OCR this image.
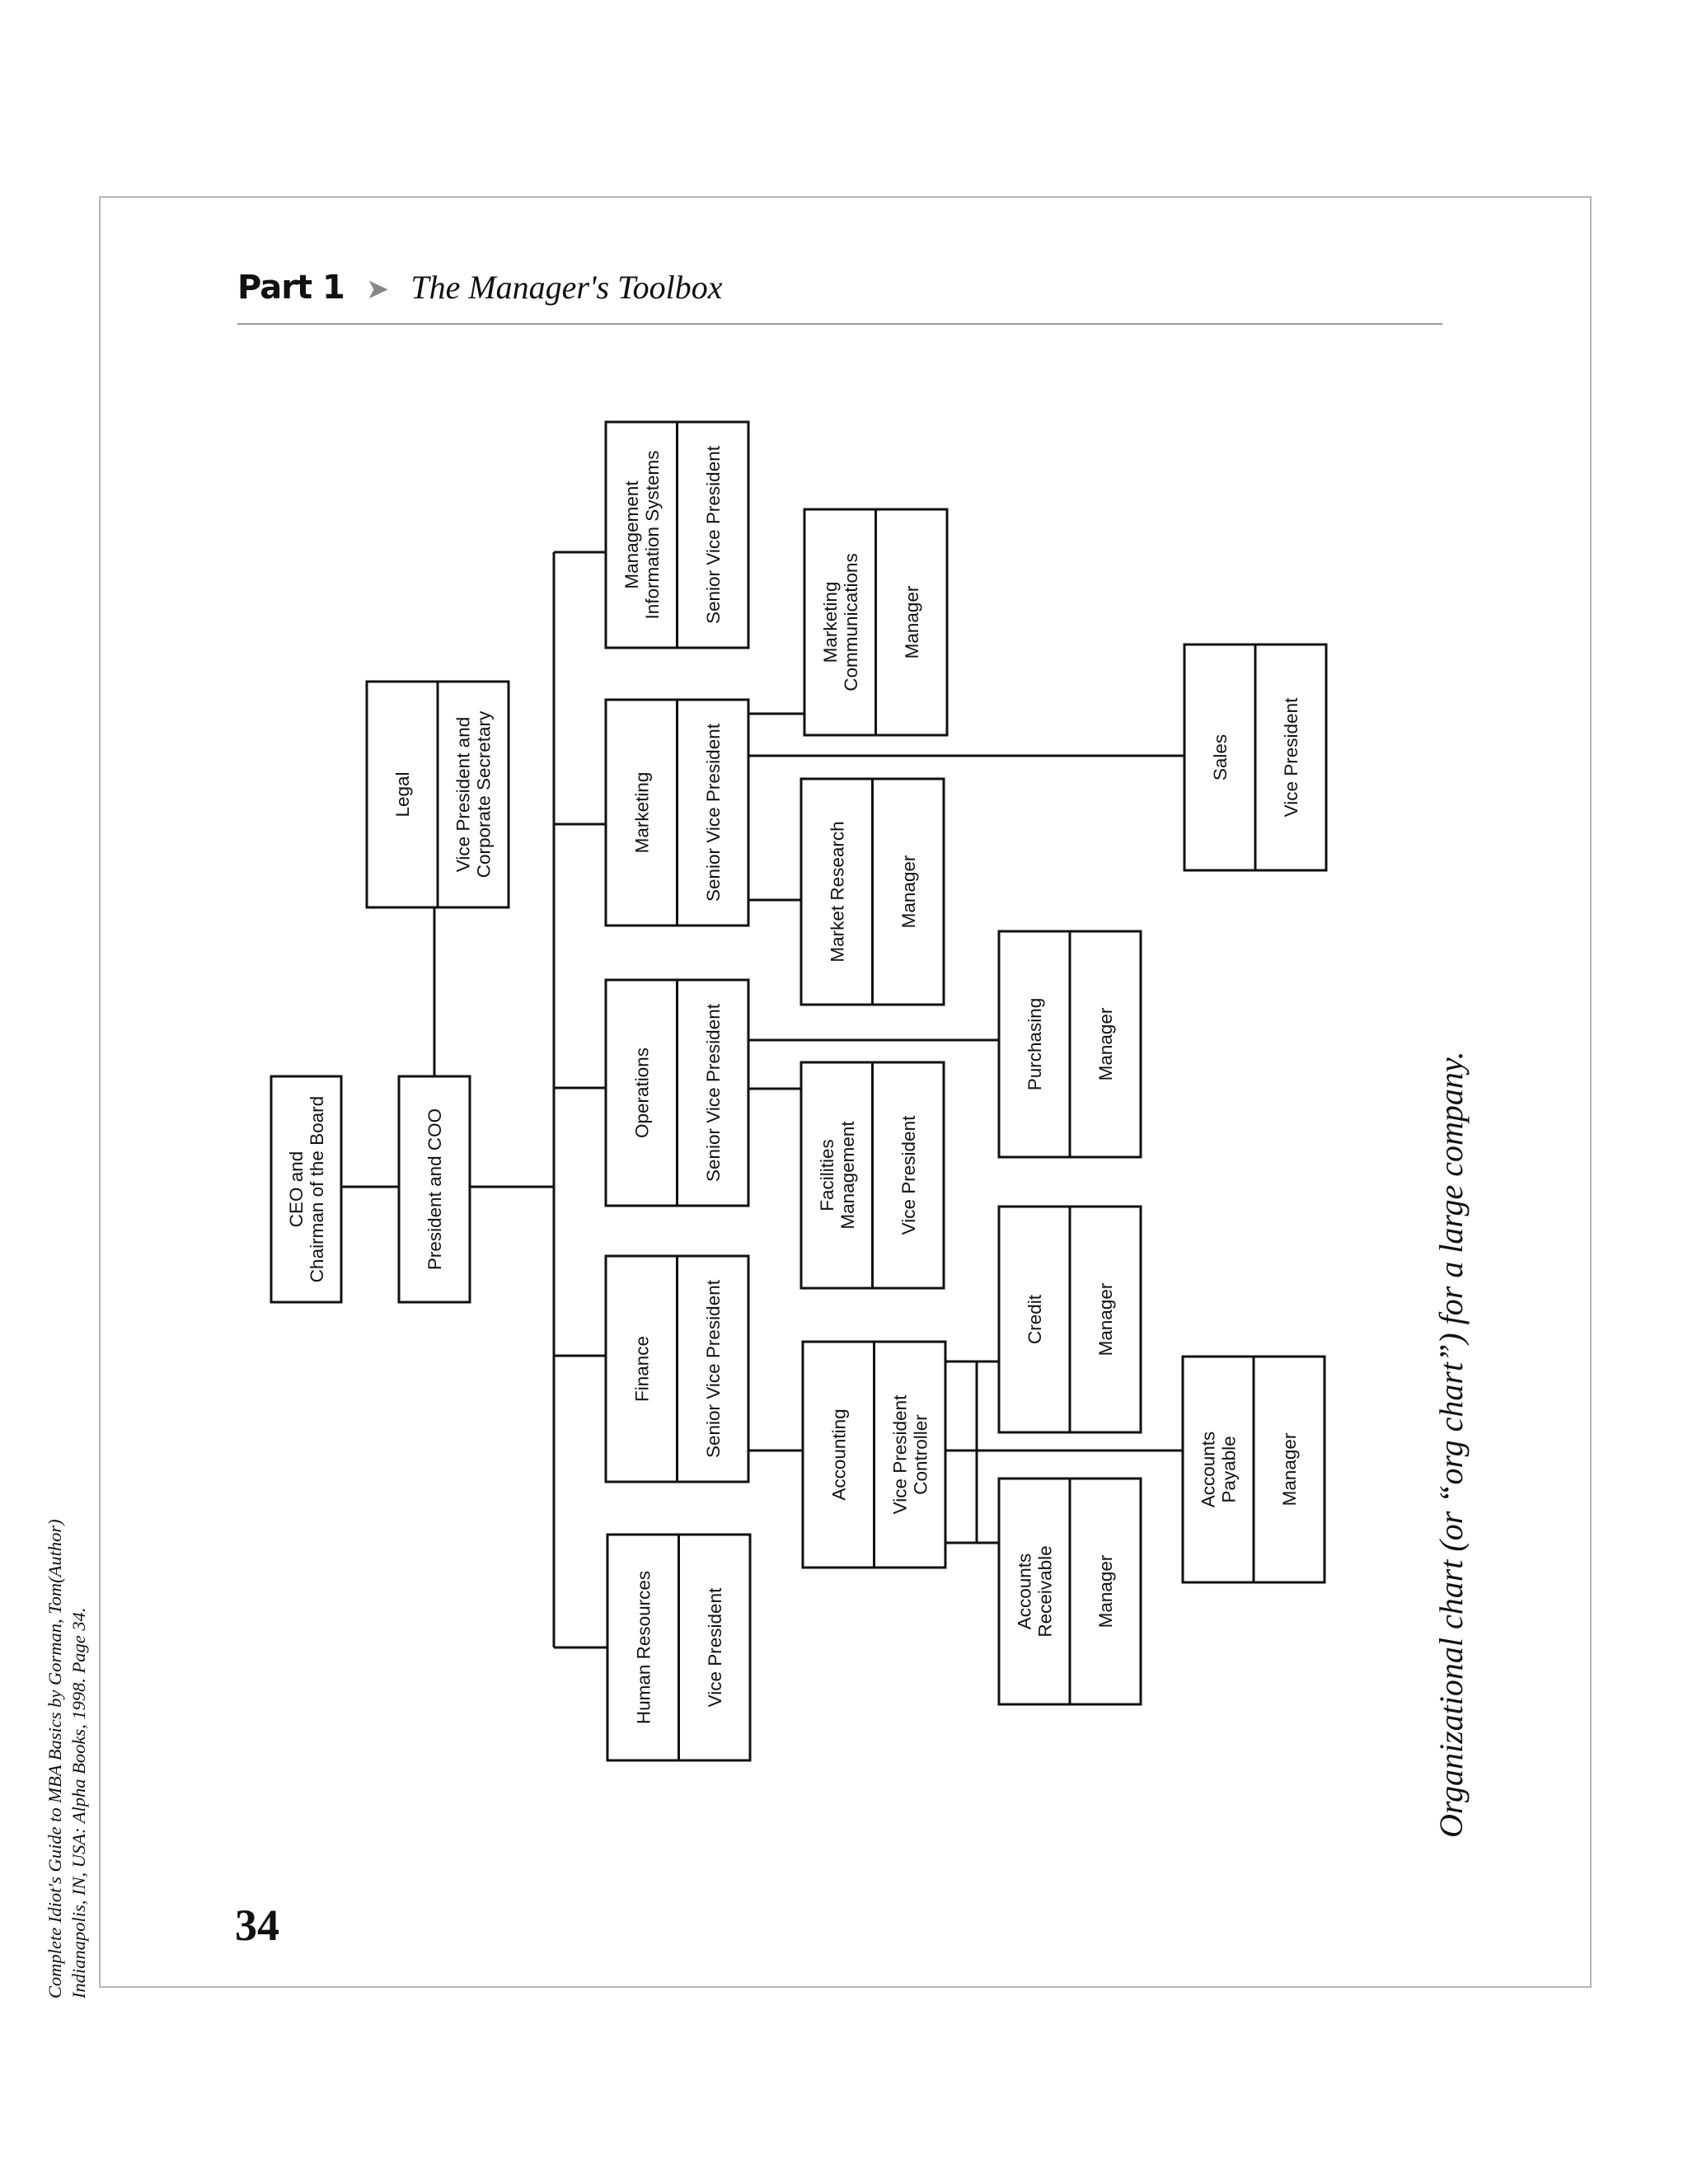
Complete Idiot's Guide to MBA Basics by Gorman, Tom(Author) Indianapolis, IN, USA: Alpha Books, 1998. Page 34.
Part 1 ➤ The Manager's Toolbox
CEO andChairman of the Board	President and COO
Legal Vice President andCorporate Secretary
Human Resources	Vice President
Finance	Senior Vice President
Operations	Senior Vice President
Marketing	Senior Vice President
ManagementInformation Systems Senior Vice President
Accounting Vice PresidentController
FacilitiesManagement Vice President
Market Research	Manager
MarketingCommunications Manager
AccountsReceivable Manager
Credit	Manager
Purchasing	Manager
AccountsPayable Manager
Sales	Vice President
34
Organizational chart (or “org chart”) for a large company.
